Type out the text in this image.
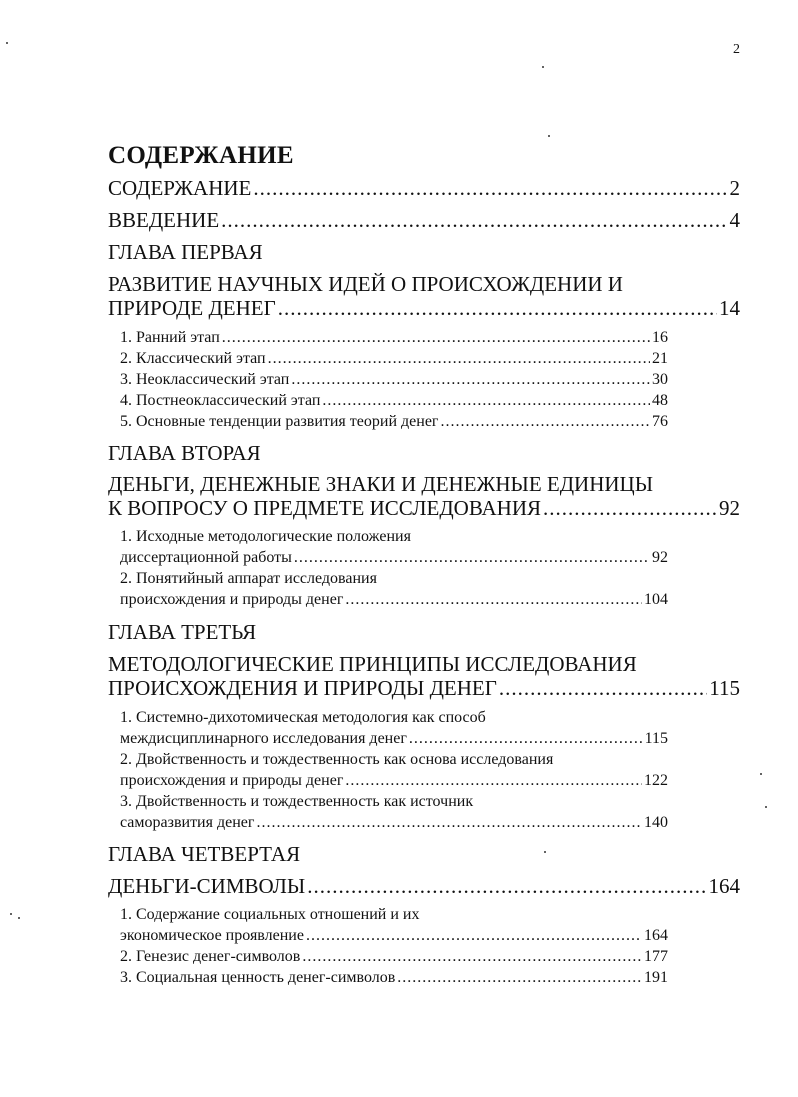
2
СОДЕРЖАНИЕ
СОДЕРЖАНИЕ .....	2
ВВЕДЕНИЕ .....	4
ГЛАВА ПЕРВАЯ
РАЗВИТИЕ НАУЧНЫХ ИДЕЙ О ПРОИСХОЖДЕНИИ И
ПРИРОДЕ ДЕНЕГ .....	14
1. Ранний этап .....	16
2. Классический этап .....	21
3. Неоклассический этап .....	30
4. Постнеоклассический этап .....	48
5. Основные тенденции развития теорий денег .....	76
ГЛАВА ВТОРАЯ
ДЕНЬГИ, ДЕНЕЖНЫЕ ЗНАКИ И ДЕНЕЖНЫЕ ЕДИНИЦЫ
К ВОПРОСУ О ПРЕДМЕТЕ ИССЛЕДОВАНИЯ .....	92
1. Исходные методологические положения
диссертационной работы .....	92
2. Понятийный аппарат исследования
происхождения и природы денег .....	104
ГЛАВА ТРЕТЬЯ
МЕТОДОЛОГИЧЕСКИЕ ПРИНЦИПЫ ИССЛЕДОВАНИЯ
ПРОИСХОЖДЕНИЯ И ПРИРОДЫ ДЕНЕГ .....	115
1. Системно-дихотомическая методология как способ
междисциплинарного исследования денег .....	115
2. Двойственность и тождественность как основа исследования
происхождения и природы денег .....	122
3. Двойственность и тождественность как источник
саморазвития денег .....	140
ГЛАВА ЧЕТВЕРТАЯ
ДЕНЬГИ-СИМВОЛЫ .....	164
1. Содержание социальных отношений и их
экономическое проявление .....	164
2. Генезис денег-символов .....	177
3. Социальная ценность денег-символов .....	191
